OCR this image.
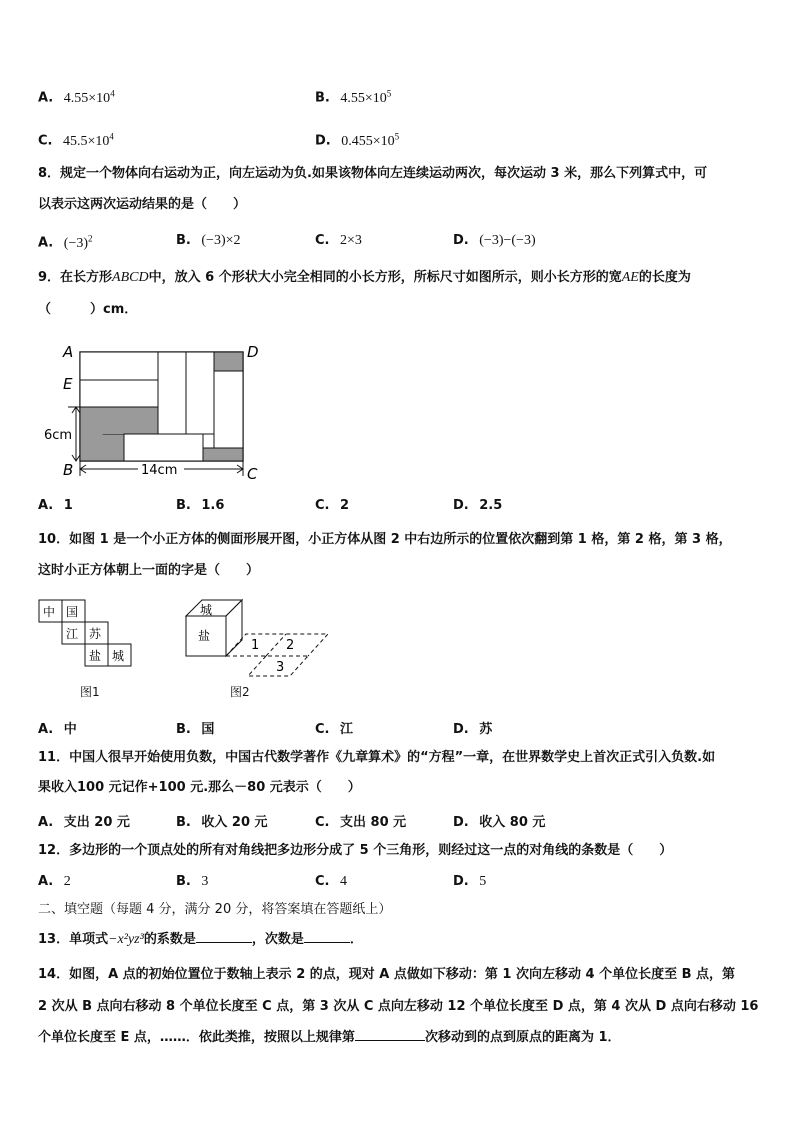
A. $4.55\times 10^4$	B. $4.55\times 10^5$
C. $45.5\times 10^4$	D. $0.455\times 10^5$
8．规定一个物体向右运动为正，向左运动为负.如果该物体向左连续运动两次，每次运动 3 米，那么下列算式中，可
以表示这两次运动结果的是（　　）
A. $(-3)^2$	B. (−3)×2	C. 2×3	D. (−3)−(−3)
9．在长方形ABCD中，放入 6 个形状大小完全相同的小长方形，所标尺寸如图所示，则小长方形的宽AE的长度为
（　　　）cm．
A
E
B
D
C
6cm
14cm
A. 1	B. 1.6	C. 2	D. 2.5
10．如图 1 是一个小正方体的侧面形展开图，小正方体从图 2 中右边所示的位置依次翻到第 1 格，第 2 格，第 3 格，
这时小正方体朝上一面的字是（　　）
中 国
江 苏
盐 城
图1
城
盐
1 2
3
图2
A. 中	B. 国	C. 江	D. 苏
11．中国人很早开始使用负数，中国古代数学著作《九章算术》的“方程”一章，在世界数学史上首次正式引入负数.如
果收入100 元记作+100 元.那么－80 元表示（　　）
A. 支出 20 元	B. 收入 20 元	C. 支出 80 元	D. 收入 80 元
12．多边形的一个顶点处的所有对角线把多边形分成了 5 个三角形，则经过这一点的对角线的条数是（　　）
A. 2	B. 3	C. 4	D. 5
二、填空题（每题 4 分，满分 20 分，将答案填在答题纸上）
13．单项式−x²yz³的系数是	，次数是	．
14．如图，A 点的初始位置位于数轴上表示 2 的点，现对 A 点做如下移动：第 1 次向左移动 4 个单位长度至 B 点，第
2 次从 B 点向右移动 8 个单位长度至 C 点，第 3 次从 C 点向左移动 12 个单位长度至 D 点，第 4 次从 D 点向右移动 16
个单位长度至 E 点，……．依此类推，按照以上规律第	次移动到的点到原点的距离为 1．
